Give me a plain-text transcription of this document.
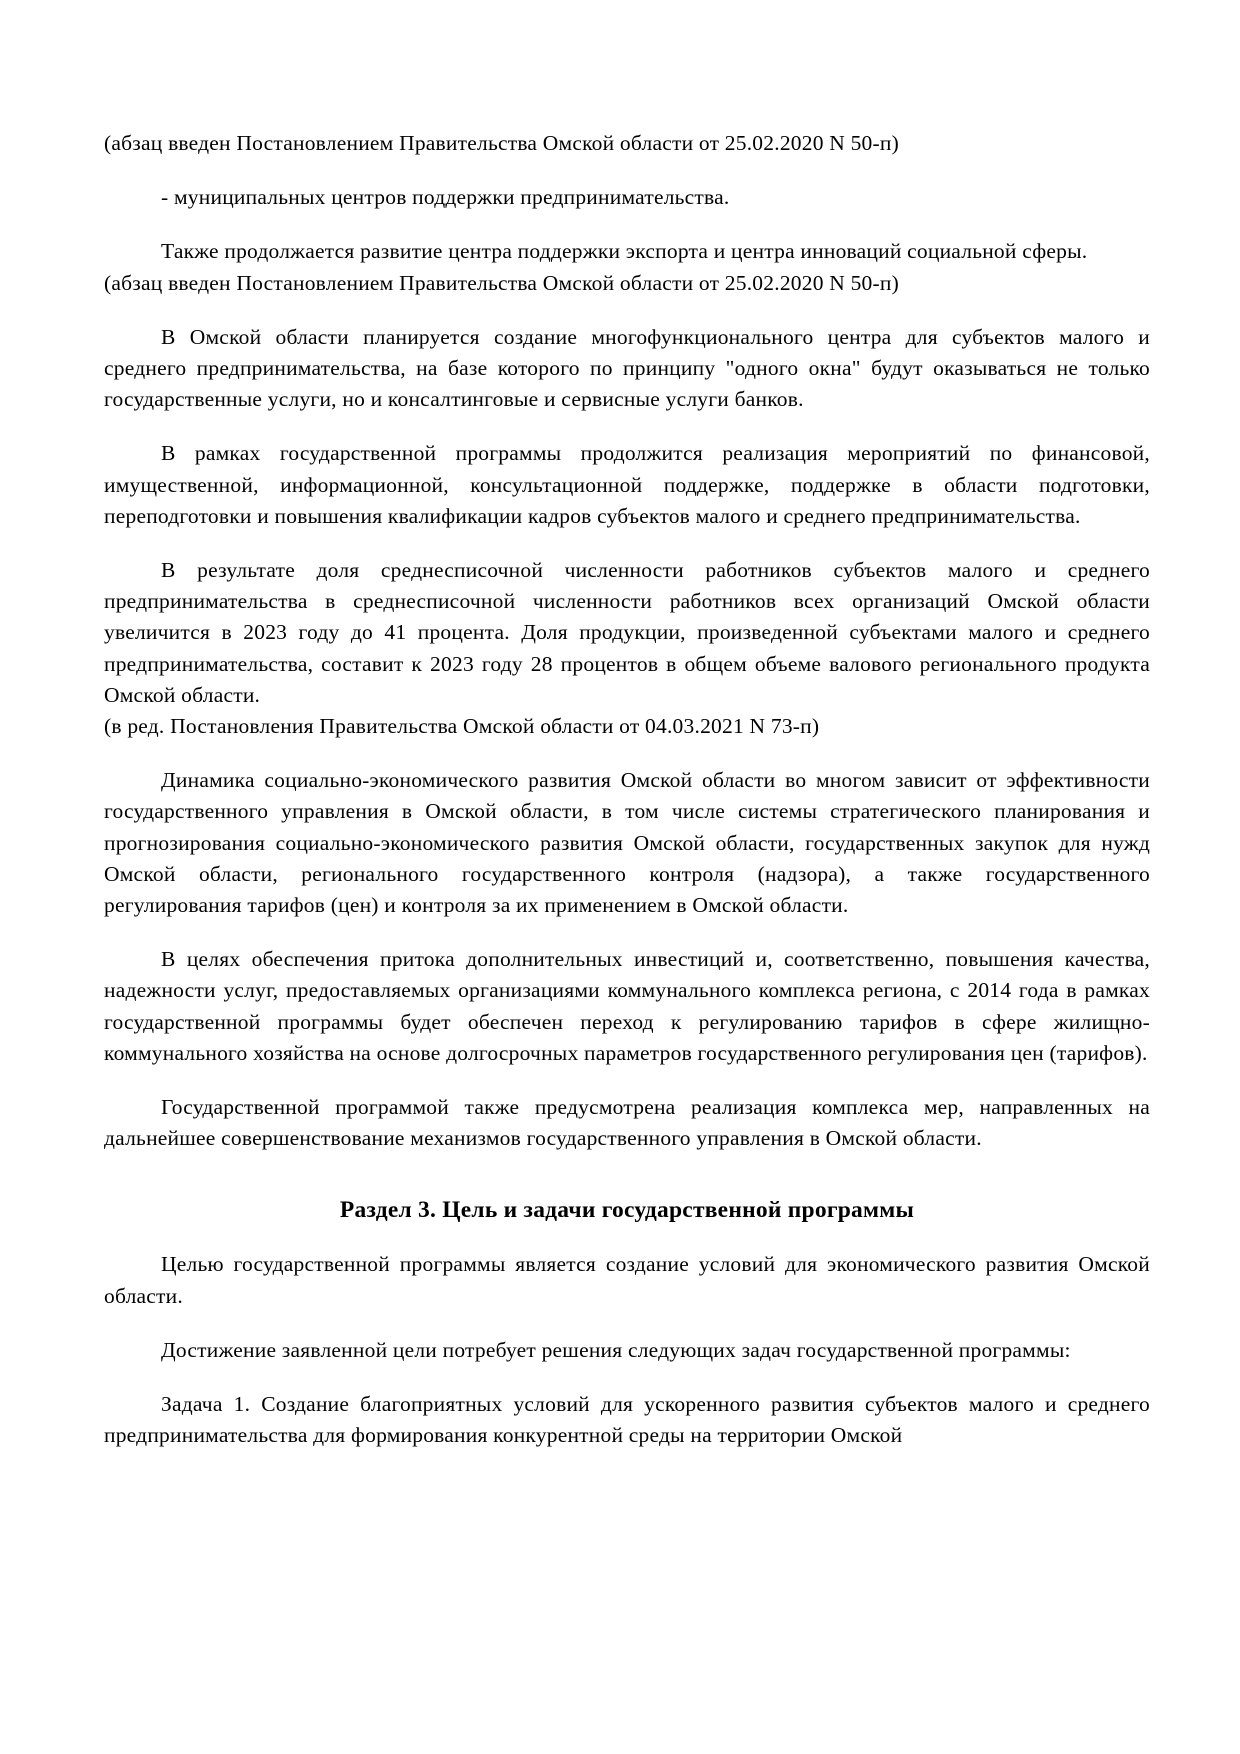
(абзац введен Постановлением Правительства Омской области от 25.02.2020 N 50-п)

- муниципальных центров поддержки предпринимательства.

Также продолжается развитие центра поддержки экспорта и центра инноваций социальной сферы.

(абзац введен Постановлением Правительства Омской области от 25.02.2020 N 50-п)

В Омской области планируется создание многофункционального центра для субъектов малого и среднего предпринимательства, на базе которого по принципу "одного окна" будут оказываться не только государственные услуги, но и консалтинговые и сервисные услуги банков.

В рамках государственной программы продолжится реализация мероприятий по финансовой, имущественной, информационной, консультационной поддержке, поддержке в области подготовки, переподготовки и повышения квалификации кадров субъектов малого и среднего предпринимательства.

В результате доля среднесписочной численности работников субъектов малого и среднего предпринимательства в среднесписочной численности работников всех организаций Омской области увеличится в 2023 году до 41 процента. Доля продукции, произведенной субъектами малого и среднего предпринимательства, составит к 2023 году 28 процентов в общем объеме валового регионального продукта Омской области.

(в ред. Постановления Правительства Омской области от 04.03.2021 N 73-п)

Динамика социально-экономического развития Омской области во многом зависит от эффективности государственного управления в Омской области, в том числе системы стратегического планирования и прогнозирования социально-экономического развития Омской области, государственных закупок для нужд Омской области, регионального государственного контроля (надзора), а также государственного регулирования тарифов (цен) и контроля за их применением в Омской области.

В целях обеспечения притока дополнительных инвестиций и, соответственно, повышения качества, надежности услуг, предоставляемых организациями коммунального комплекса региона, с 2014 года в рамках государственной программы будет обеспечен переход к регулированию тарифов в сфере жилищно-коммунального хозяйства на основе долгосрочных параметров государственного регулирования цен (тарифов).

Государственной программой также предусмотрена реализация комплекса мер, направленных на дальнейшее совершенствование механизмов государственного управления в Омской области.

Раздел 3. Цель и задачи государственной программы

Целью государственной программы является создание условий для экономического развития Омской области.

Достижение заявленной цели потребует решения следующих задач государственной программы:

Задача 1. Создание благоприятных условий для ускоренного развития субъектов малого и среднего предпринимательства для формирования конкурентной среды на территории Омской
